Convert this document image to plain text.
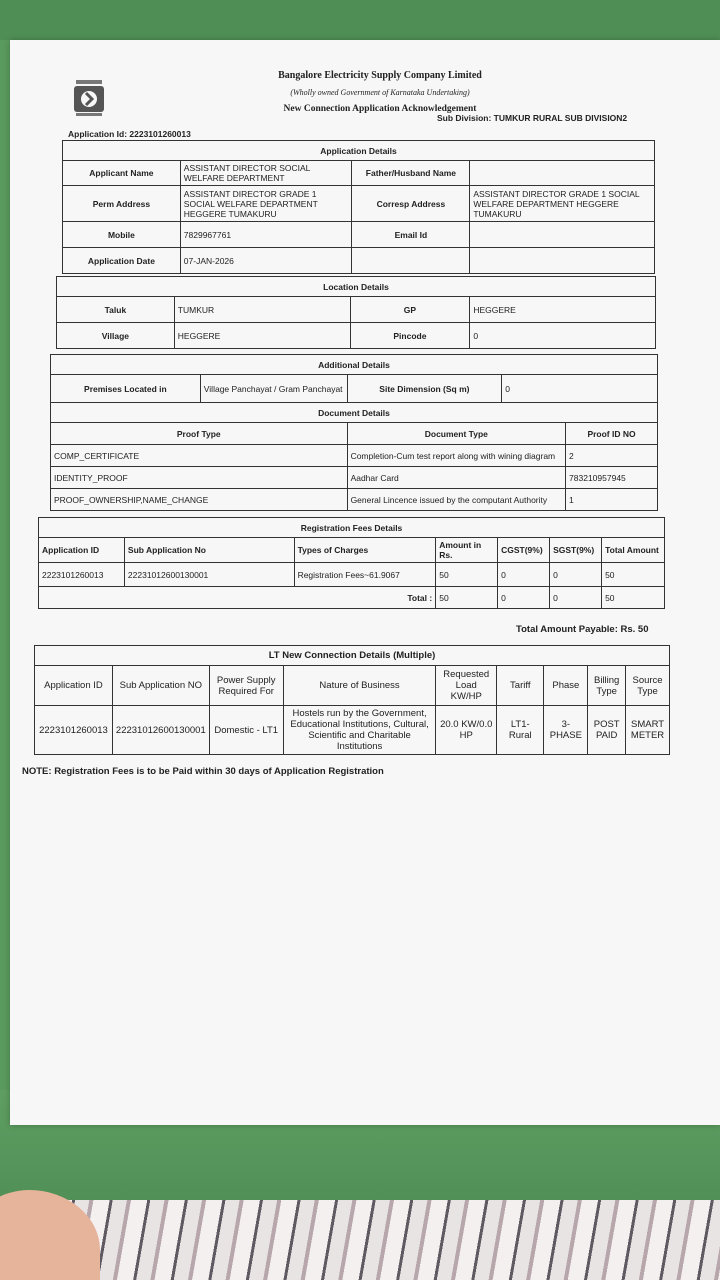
Bangalore Electricity Supply Company Limited
(Wholly owned Government of Karnataka Undertaking)
New Connection Application Acknowledgement
Application Id: 2223101260013
Sub Division: TUMKUR RURAL SUB DIVISION2
Application Details			
Applicant Name	ASSISTANT DIRECTOR SOCIAL WELFARE DEPARTMENT	Father/Husband Name	
Perm Address	ASSISTANT DIRECTOR GRADE 1 SOCIAL WELFARE DEPARTMENT HEGGERE TUMAKURU	Corresp Address	ASSISTANT DIRECTOR GRADE 1 SOCIAL WELFARE DEPARTMENT HEGGERE TUMAKURU
Mobile	7829967761	Email Id	
Application Date	07-JAN-2026		
Location Details			
Taluk	TUMKUR	GP	HEGGERE
Village	HEGGERE	Pincode	0
Additional Details				
Premises Located in	Village Panchayat / Gram Panchayat	Site Dimension (Sq m)	0	
Document Details				
Proof Type		Document Type		Proof ID NO
COMP_CERTIFICATE		Completion-Cum test report along with wining diagram		2
IDENTITY_PROOF		Aadhar Card		783210957945
PROOF_OWNERSHIP,NAME_CHANGE		General Lincence issued by the computant Authority		1
Registration Fees Details						
Application ID	Sub Application No	Types of Charges	Amount in Rs.	CGST(9%)	SGST(9%)	Total Amount
2223101260013	22231012600130001	Registration Fees~61.9067	50	0	0	50
Total :			50	0	0	50
Total Amount Payable: Rs. 50
LT New Connection Details (Multiple)								
Application ID	Sub Application NO	Power Supply Required For	Nature of Business	Requested Load KW/HP	Tariff	Phase	Billing Type	Source Type
2223101260013	22231012600130001	Domestic - LT1	Hostels run by the Government, Educational Institutions, Cultural, Scientific and Charitable Institutions	20.0 KW/0.0 HP	LT1-Rural	3-PHASE	POST PAID	SMART METER
NOTE: Registration Fees is to be Paid within 30 days of Application Registration
